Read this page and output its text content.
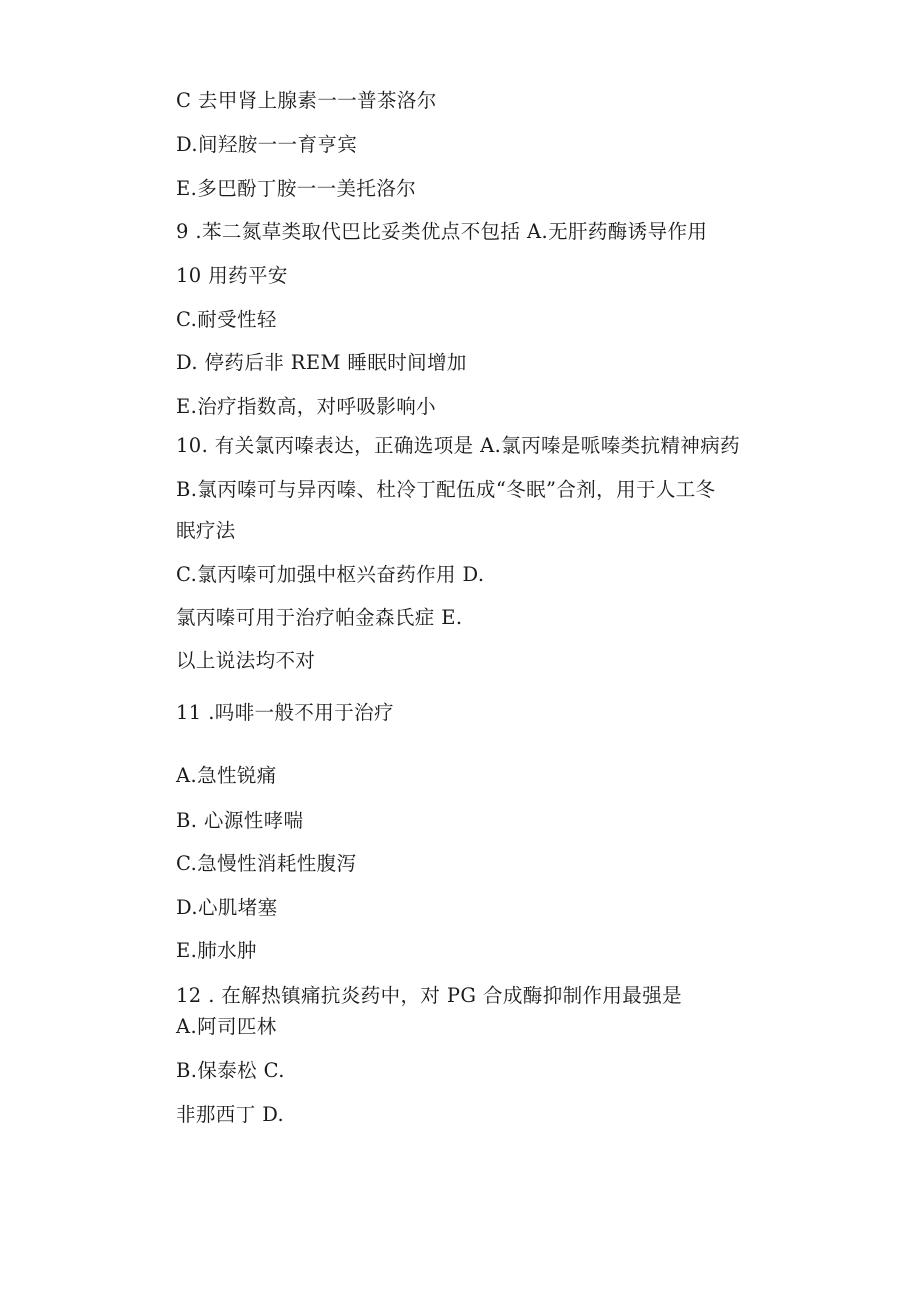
C 去甲肾上腺素一一普茶洛尔
D.间羟胺一一育亨宾
E.多巴酚丁胺一一美托洛尔
9 .苯二氮草类取代巴比妥类优点不包括 A.无肝药酶诱导作用
10 用药平安
C.耐受性轻
D. 停药后非 REM 睡眠时间增加
E.治疗指数高，对呼吸影响小
10. 有关氯丙嗪表达，正确选项是 A.氯丙嗪是哌嗪类抗精神病药
B.氯丙嗪可与异丙嗪、杜冷丁配伍成“冬眠”合剂，用于人工冬
眠疗法
C.氯丙嗪可加强中枢兴奋药作用 D.
氯丙嗪可用于治疗帕金森氏症 E.
以上说法均不对
11 .吗啡一般不用于治疗
A.急性锐痛
B. 心源性哮喘
C.急慢性消耗性腹泻
D.心肌堵塞
E.肺水肿
12 . 在解热镇痛抗炎药中，对 PG 合成酶抑制作用最强是
A.阿司匹林
B.保泰松 C.
非那西丁 D.
